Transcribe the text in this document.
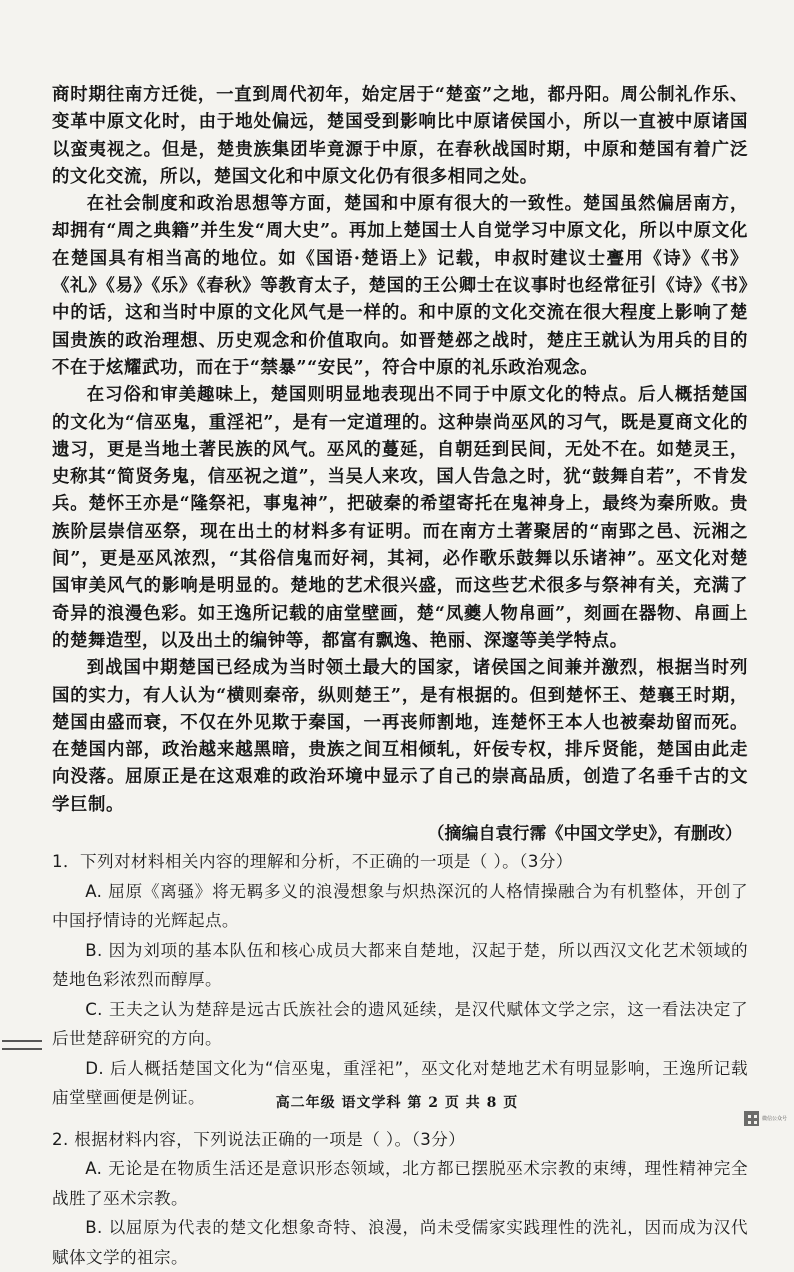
商时期往南方迁徙，一直到周代初年，始定居于“楚蛮”之地，都丹阳。周公制礼作乐、变革中原文化时，由于地处偏远，楚国受到影响比中原诸侯国小，所以一直被中原诸国以蛮夷视之。但是，楚贵族集团毕竟源于中原，在春秋战国时期，中原和楚国有着广泛的文化交流，所以，楚国文化和中原文化仍有很多相同之处。

在社会制度和政治思想等方面，楚国和中原有很大的一致性。楚国虽然偏居南方，却拥有“周之典籍”并生发“周大史”。再加上楚国士人自觉学习中原文化，所以中原文化在楚国具有相当高的地位。如《国语·楚语上》记载，申叔时建议士亹用《诗》《书》《礼》《易》《乐》《春秋》等教育太子，楚国的王公卿士在议事时也经常征引《诗》《书》中的话，这和当时中原的文化风气是一样的。和中原的文化交流在很大程度上影响了楚国贵族的政治理想、历史观念和价值取向。如晋楚邲之战时，楚庄王就认为用兵的目的不在于炫耀武功，而在于“禁暴”“安民”，符合中原的礼乐政治观念。

在习俗和审美趣味上，楚国则明显地表现出不同于中原文化的特点。后人概括楚国的文化为“信巫鬼，重淫祀”，是有一定道理的。这种崇尚巫风的习气，既是夏商文化的遗习，更是当地土著民族的风气。巫风的蔓延，自朝廷到民间，无处不在。如楚灵王，史称其“简贤务鬼，信巫祝之道”，当吴人来攻，国人告急之时，犹“鼓舞自若”，不肯发兵。楚怀王亦是“隆祭祀，事鬼神”，把破秦的希望寄托在鬼神身上，最终为秦所败。贵族阶层崇信巫祭，现在出土的材料多有证明。而在南方土著聚居的“南郢之邑、沅湘之间”，更是巫风浓烈，“其俗信鬼而好祠，其祠，必作歌乐鼓舞以乐诸神”。巫文化对楚国审美风气的影响是明显的。楚地的艺术很兴盛，而这些艺术很多与祭神有关，充满了奇异的浪漫色彩。如王逸所记载的庙堂壁画，楚“凤夔人物帛画”，刻画在器物、帛画上的楚舞造型，以及出土的编钟等，都富有飘逸、艳丽、深邃等美学特点。

到战国中期楚国已经成为当时领土最大的国家，诸侯国之间兼并激烈，根据当时列国的实力，有人认为“横则秦帝，纵则楚王”，是有根据的。但到楚怀王、楚襄王时期，楚国由盛而衰，不仅在外见欺于秦国，一再丧师割地，连楚怀王本人也被秦劫留而死。在楚国内部，政治越来越黑暗，贵族之间互相倾轧，奸佞专权，排斥贤能，楚国由此走向没落。屈原正是在这艰难的政治环境中显示了自己的崇高品质，创造了名垂千古的文学巨制。

（摘编自袁行霈《中国文学史》，有删改）

1．下列对材料相关内容的理解和分析，不正确的一项是（ ）。（3分）

A. 屈原《离骚》将无羁多义的浪漫想象与炽热深沉的人格情操融合为有机整体，开创了中国抒情诗的光辉起点。

B. 因为刘项的基本队伍和核心成员大都来自楚地，汉起于楚，所以西汉文化艺术领域的楚地色彩浓烈而醇厚。

C. 王夫之认为楚辞是远古氏族社会的遗风延续，是汉代赋体文学之宗，这一看法决定了后世楚辞研究的方向。

D. 后人概括楚国文化为“信巫鬼，重淫祀”，巫文化对楚地艺术有明显影响，王逸所记载 庙堂壁画便是例证。

2. 根据材料内容，下列说法正确的一项是（ ）。（3分）

A. 无论是在物质生活还是意识形态领域，北方都已摆脱巫术宗教的束缚，理性精神完全战胜了巫术宗教。

B. 以屈原为代表的楚文化想象奇特、浪漫，尚未受儒家实践理性的洗礼，因而成为汉代赋体文学的祖宗。

高二年级 语文学科 第 2 页 共 8 页
微信公众号
